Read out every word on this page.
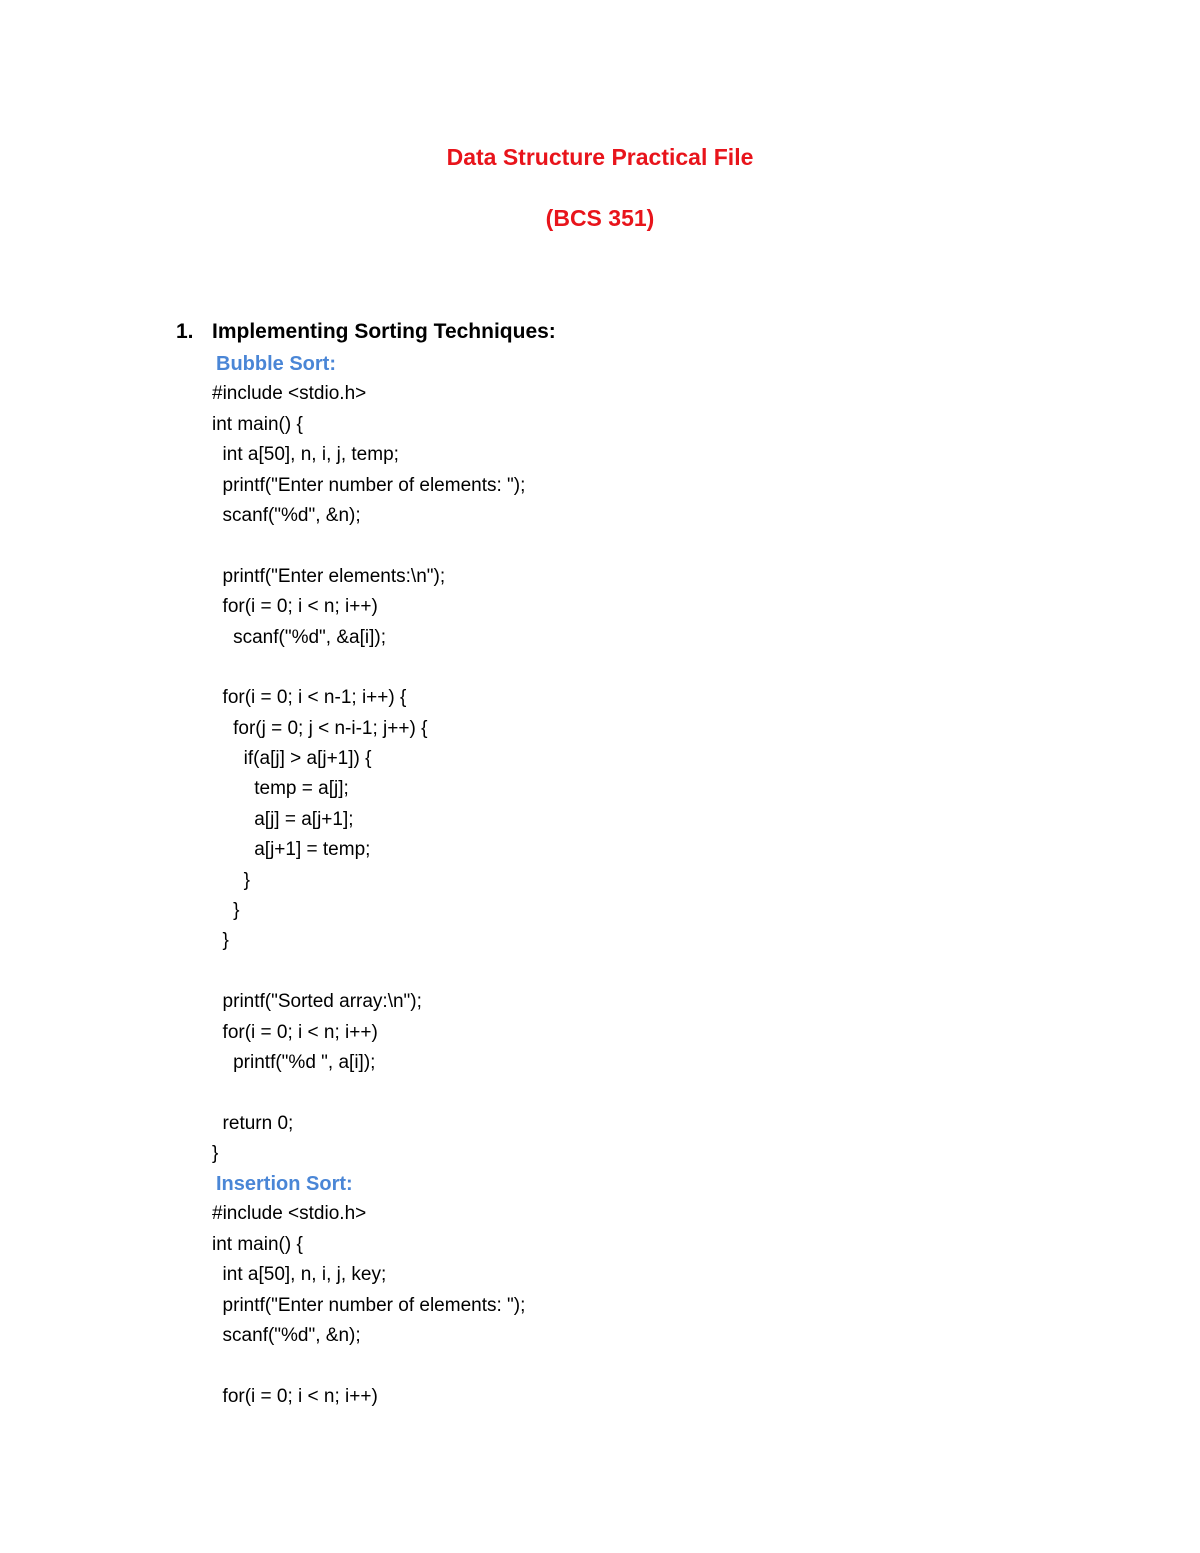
Data Structure Practical File
(BCS 351)
1. Implementing Sorting Techniques:
Bubble Sort:
#include <stdio.h>
int main() {
int a[50], n, i, j, temp;
printf("Enter number of elements: ");
scanf("%d", &n);
printf("Enter elements:\n");
for(i = 0; i < n; i++)
scanf("%d", &a[i]);
for(i = 0; i < n-1; i++) {
for(j = 0; j < n-i-1; j++) {
if(a[j] > a[j+1]) {
temp = a[j];
a[j] = a[j+1];
a[j+1] = temp;
}
}
}
printf("Sorted array:\n");
for(i = 0; i < n; i++)
printf("%d ", a[i]);
return 0;
}
Insertion Sort:
#include <stdio.h>
int main() {
int a[50], n, i, j, key;
printf("Enter number of elements: ");
scanf("%d", &n);
for(i = 0; i < n; i++)
